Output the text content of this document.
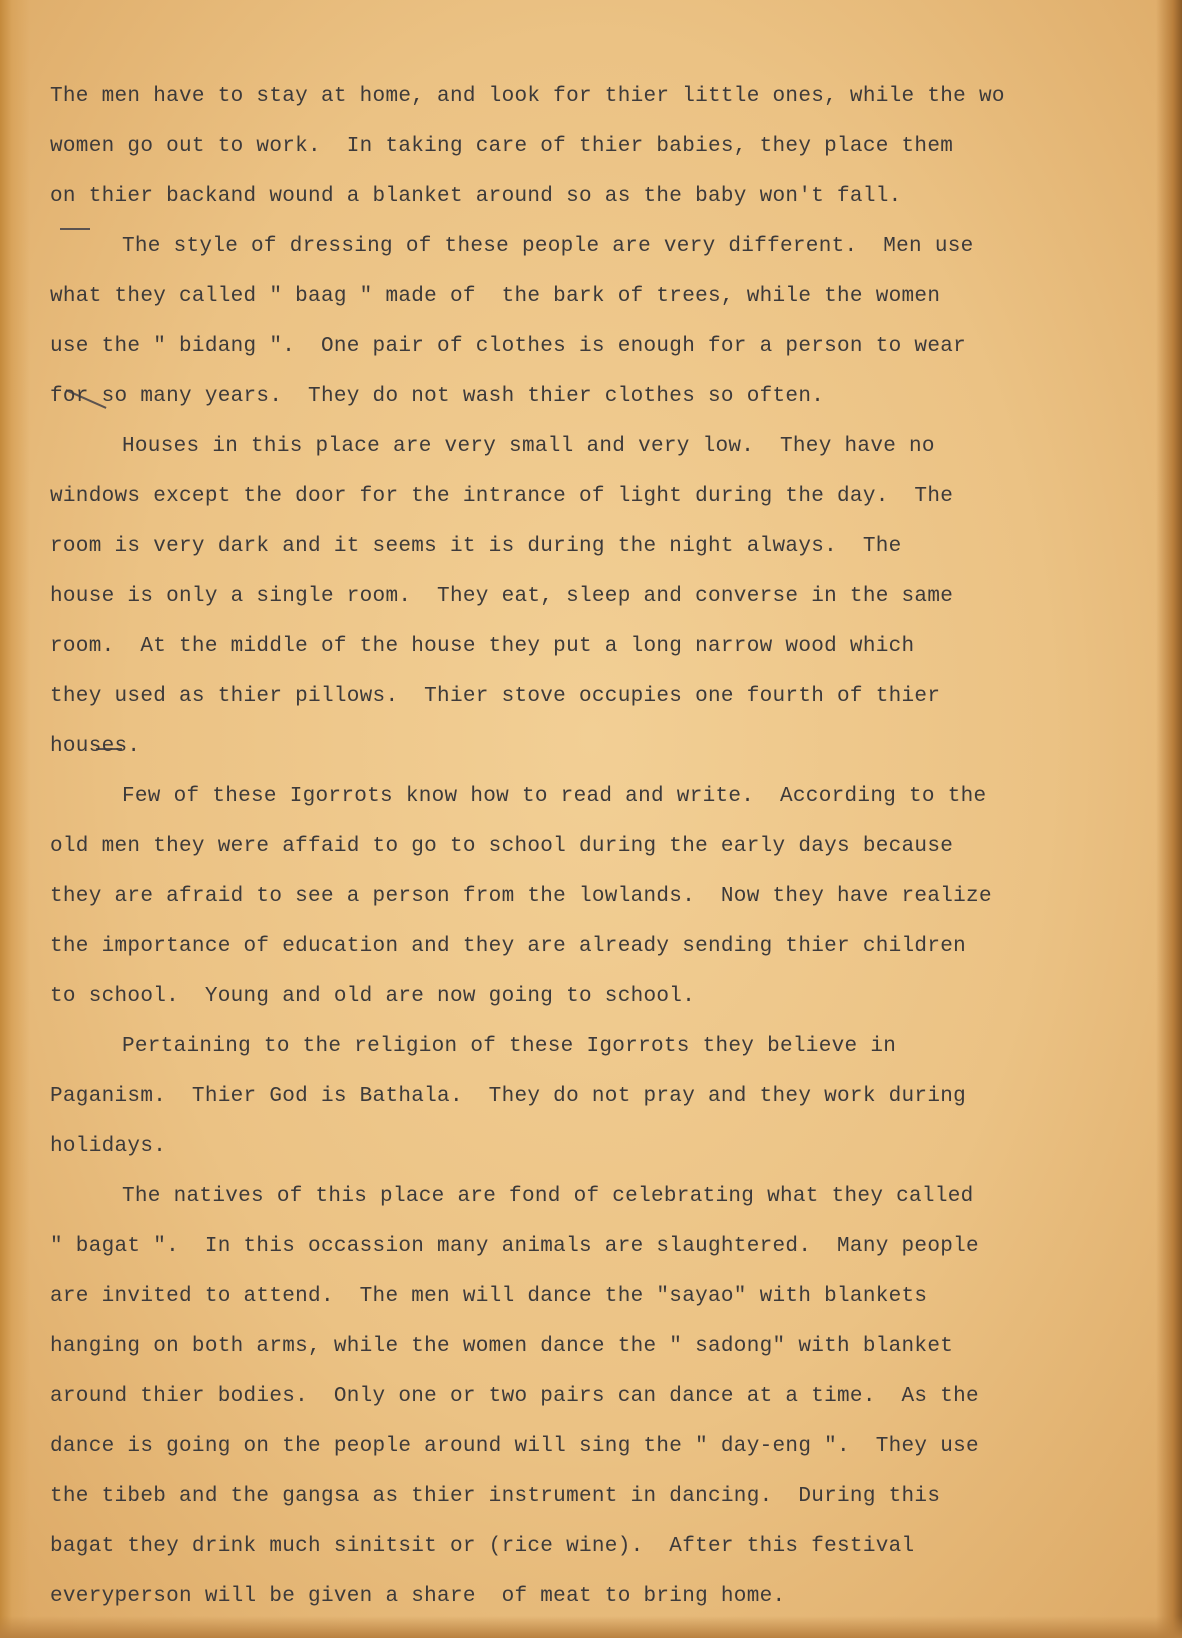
The men have to stay at home, and look for thier little ones, while the wo
women go out to work.  In taking care of thier babies, they place them
on thier backand wound a blanket around so as the baby won't fall.
The style of dressing of these people are very different.  Men use
what they called " baag " made of  the bark of trees, while the women
use the " bidang ".  One pair of clothes is enough for a person to wear
for so many years.  They do not wash thier clothes so often.
Houses in this place are very small and very low.  They have no
windows except the door for the intrance of light during the day.  The
room is very dark and it seems it is during the night always.  The
house is only a single room.  They eat, sleep and converse in the same
room.  At the middle of the house they put a long narrow wood which
they used as thier pillows.  Thier stove occupies one fourth of thier
houses.
Few of these Igorrots know how to read and write.  According to the
old men they were affaid to go to school during the early days because
they are afraid to see a person from the lowlands.  Now they have realize
the importance of education and they are already sending thier children
to school.  Young and old are now going to school.
Pertaining to the religion of these Igorrots they believe in
Paganism.  Thier God is Bathala.  They do not pray and they work during
holidays.
The natives of this place are fond of celebrating what they called
" bagat ".  In this occassion many animals are slaughtered.  Many people
are invited to attend.  The men will dance the "sayao" with blankets
hanging on both arms, while the women dance the " sadong" with blanket
around thier bodies.  Only one or two pairs can dance at a time.  As the
dance is going on the people around will sing the " day-eng ".  They use
the tibeb and the gangsa as thier instrument in dancing.  During this
bagat they drink much sinitsit or (rice wine).  After this festival
everyperson will be given a share  of meat to bring home.
